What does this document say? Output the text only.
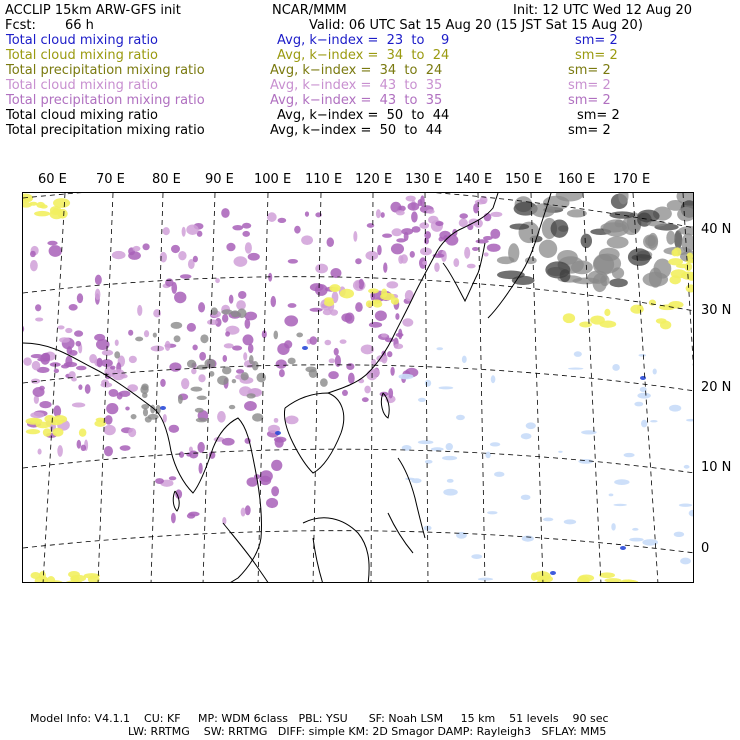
ACCLIP 15km ARW-GFS init	NCAR/MMM	Init: 12 UTC Wed 12 Aug 20
Fcst: 66 h	Valid: 06 UTC Sat 15 Aug 20 (15 JST Sat 15 Aug 20)
Total cloud mixing ratio	Avg, k−index =  23  to    9	sm= 2
Total cloud mixing ratio	Avg, k−index =  34  to  24	sm= 2
Total precipitation mixing ratio	Avg, k−index =  34  to  24	sm= 2
Total cloud mixing ratio	Avg, k−index =  43  to  35	sm= 2
Total precipitation mixing ratio	Avg, k−index =  43  to  35	sm= 2
Total cloud mixing ratio	Avg, k−index =  50  to  44	sm= 2
Total precipitation mixing ratio	Avg, k−index =  50  to  44	sm= 2
60 E 70 E 80 E 90 E 100 E 110 E 120 E 130 E 140 E 150 E 160 E 170 E
40 N
30 N
20 N
10 N
0
Model Info: V4.1.1    CU: KF     MP: WDM 6class   PBL: YSU      SF: Noah LSM     15 km    51 levels    90 sec
LW: RRTMG    SW: RRTMG   DIFF: simple KM: 2D Smagor DAMP: Rayleigh3   SFLAY: MM5
